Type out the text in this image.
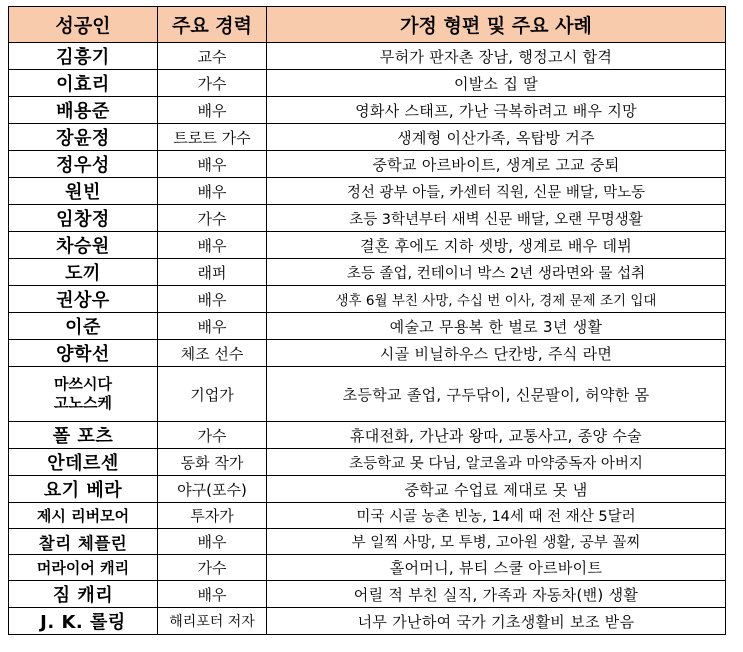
성공인	주요 경력	가정 형편 및 주요 사례
김흥기	교수	무허가 판자촌 장남, 행정고시 합격
이효리	가수	이발소 집 딸
배용준	배우	영화사 스태프, 가난 극복하려고 배우 지망
장윤정	트로트 가수	생계형 이산가족, 옥탑방 거주
정우성	배우	중학교 아르바이트, 생계로 고교 중퇴
원빈	배우	정선 광부 아들, 카센터 직원, 신문 배달, 막노동
임창정	가수	초등 3학년부터 새벽 신문 배달, 오랜 무명생활
차승원	배우	결혼 후에도 지하 셋방, 생계로 배우 데뷔
도끼	래퍼	초등 졸업, 컨테이너 박스 2년 생라면와 물 섭취
권상우	배우	생후 6월 부친 사망, 수십 번 이사, 경제 문제 조기 입대
이준	배우	예술고 무용복 한 벌로 3년 생활
양학선	체조 선수	시골 비닐하우스 단칸방, 주식 라면
마쓰시다
고노스케	기업가	초등학교 졸업, 구두닦이, 신문팔이, 허약한 몸
폴 포츠	가수	휴대전화, 가난과 왕따, 교통사고, 종양 수술
안데르센	동화 작가	초등학교 못 다님, 알코올과 마약중독자 아버지
요기 베라	야구(포수)	중학교 수업료 제대로 못 냄
제시 리버모어	투자가	미국 시골 농촌 빈농, 14세 때 전 재산 5달러
찰리 체플린	배우	부 일찍 사망, 모 투병, 고아원 생활, 공부 꼴찌
머라이어 캐리	가수	홀어머니, 뷰티 스쿨 아르바이트
짐 캐리	배우	어릴 적 부친 실직, 가족과 자동차(밴) 생활
J. K. 롤링	해리포터 저자	너무 가난하여 국가 기초생활비 보조 받음
